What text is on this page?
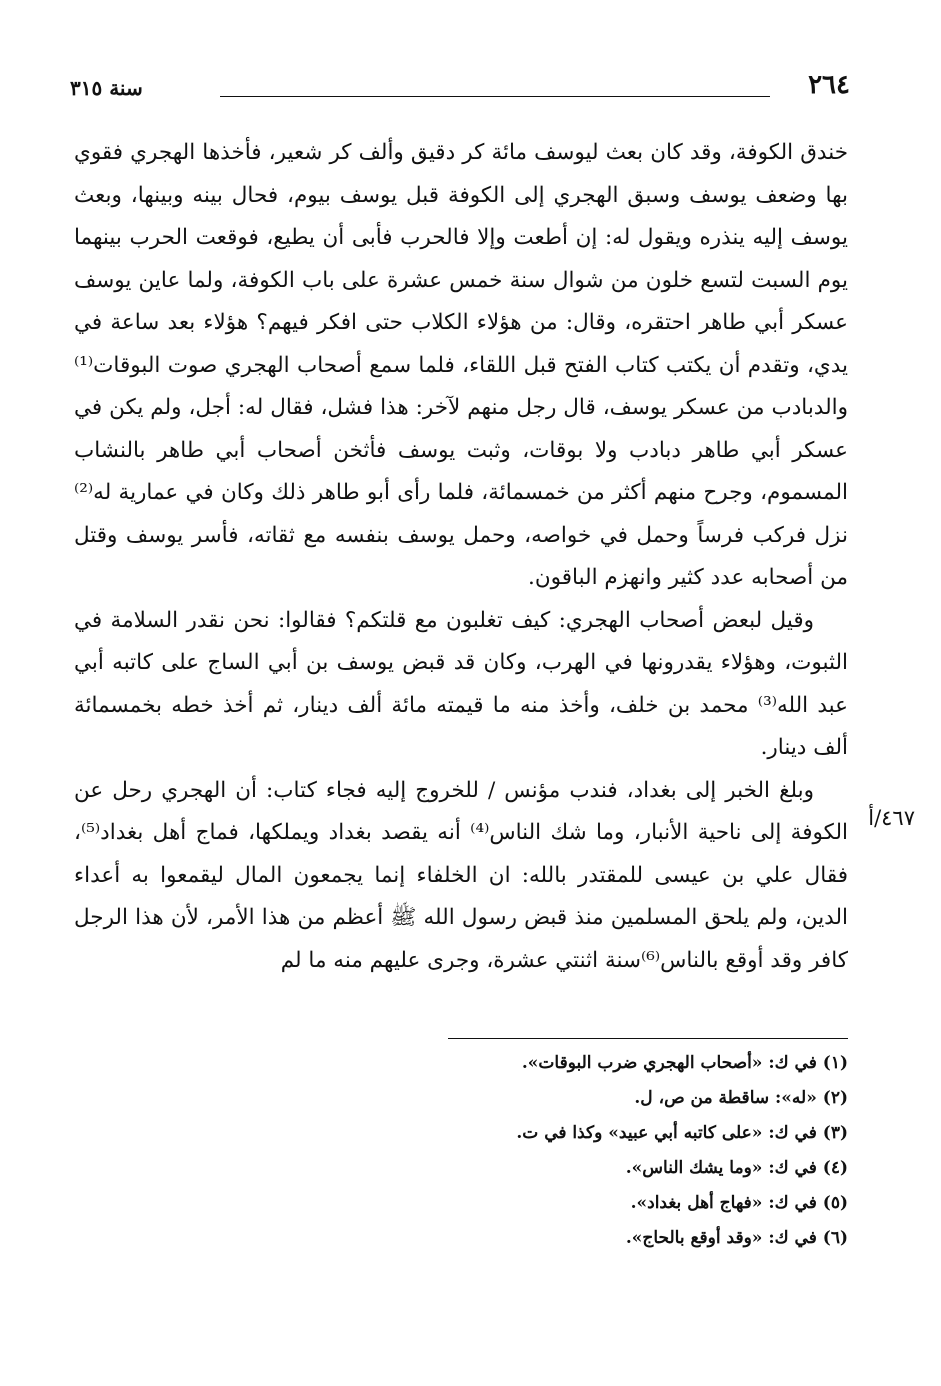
٢٦٤
سنة ٣١٥

خندق الكوفة، وقد كان بعث ليوسف مائة كر دقيق وألف كر شعير، فأخذها الهجري فقوي بها وضعف يوسف وسبق الهجري إلى الكوفة قبل يوسف بيوم، فحال بينه وبينها، وبعث يوسف إليه ينذره ويقول له: إن أطعت وإلا فالحرب فأبى أن يطيع، فوقعت الحرب بينهما يوم السبت لتسع خلون من شوال سنة خمس عشرة على باب الكوفة، ولما عاين يوسف عسكر أبي طاهر احتقره، وقال: من هؤلاء الكلاب حتى افكر فيهم؟ هؤلاء بعد ساعة في يدي، وتقدم أن يكتب كتاب الفتح قبل اللقاء، فلما سمع أصحاب الهجري صوت البوقات⁽¹⁾ والدبادب من عسكر يوسف، قال رجل منهم لآخر: هذا فشل، فقال له: أجل، ولم يكن في عسكر أبي طاهر دبادب ولا بوقات، وثبت يوسف فأثخن أصحاب أبي طاهر بالنشاب المسموم، وجرح منهم أكثر من خمسمائة، فلما رأى أبو طاهر ذلك وكان في عمارية له⁽²⁾ نزل فركب فرساً وحمل في خواصه، وحمل يوسف بنفسه مع ثقاته، فأسر يوسف وقتل من أصحابه عدد كثير وانهزم الباقون.

وقيل لبعض أصحاب الهجري: كيف تغلبون مع قلتكم؟ فقالوا: نحن نقدر السلامة في الثبوت، وهؤلاء يقدرونها في الهرب، وكان قد قبض يوسف بن أبي الساج على كاتبه أبي عبد الله⁽³⁾ محمد بن خلف، وأخذ منه ما قيمته مائة ألف دينار، ثم أخذ خطه بخمسمائة ألف دينار.

وبلغ الخبر إلى بغداد، فندب مؤنس / للخروج إليه فجاء كتاب: أن الهجري رحل عن الكوفة إلى ناحية الأنبار، وما شك الناس⁽⁴⁾ أنه يقصد بغداد ويملكها، فماج أهل بغداد⁽⁵⁾، فقال علي بن عيسى للمقتدر بالله: ان الخلفاء إنما يجمعون المال ليقمعوا به أعداء الدين، ولم يلحق المسلمين منذ قبض رسول الله ﷺ أعظم من هذا الأمر، لأن هذا الرجل كافر وقد أوقع بالناس⁽⁶⁾سنة اثنتي عشرة، وجرى عليهم منه ما لم

٤٦٧/أ
(١) في ك: «أصحاب الهجري ضرب البوقات».
(٢) «له»: ساقطة من ص، ل.
(٣) في ك: «على كاتبه أبي عبيد» وكذا في ت.
(٤) في ك: «وما يشك الناس».
(٥) في ك: «فهاج أهل بغداد».
(٦) في ك: «وقد أوقع بالحاج».
